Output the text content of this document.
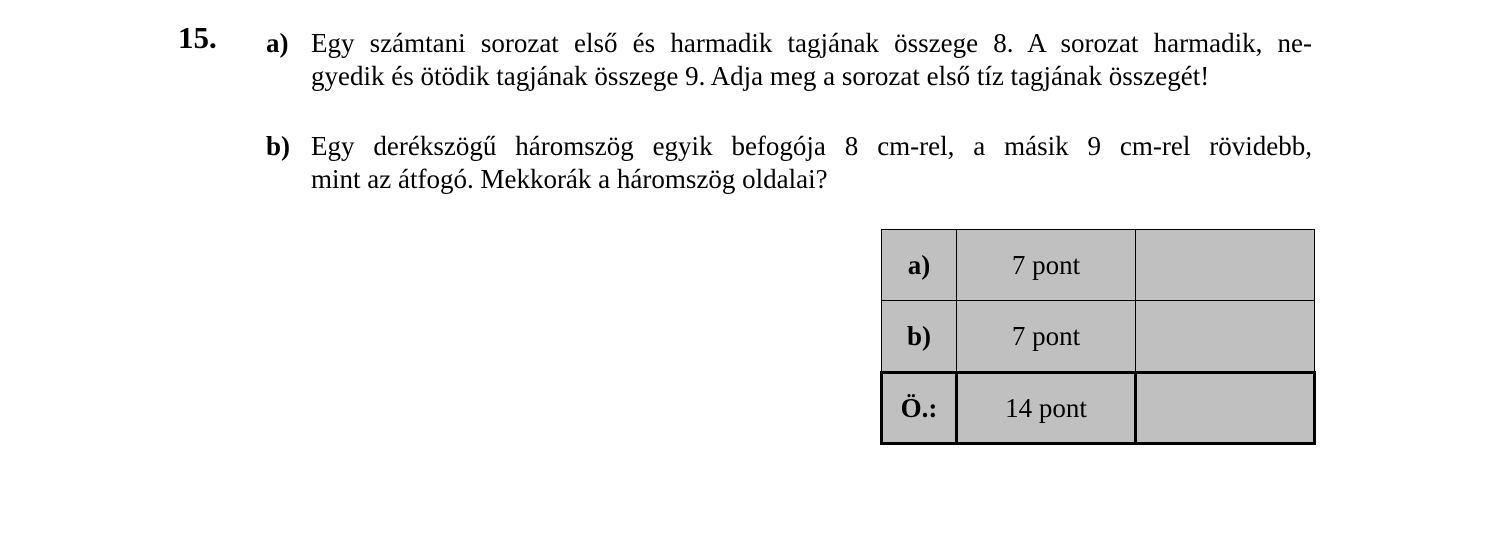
15. a) Egy számtani sorozat első és harmadik tagjának összege 8. A sorozat harmadik, ne-
gyedik és ötödik tagjának összege 9. Adja meg a sorozat első tíz tagjának összegét!
b) Egy derékszögű háromszög egyik befogója 8 cm-rel, a másik 9 cm-rel rövidebb,
mint az átfogó. Mekkorák a háromszög oldalai?
a)	7 pont	
b)	7 pont	
Ö.:	14 pont	
